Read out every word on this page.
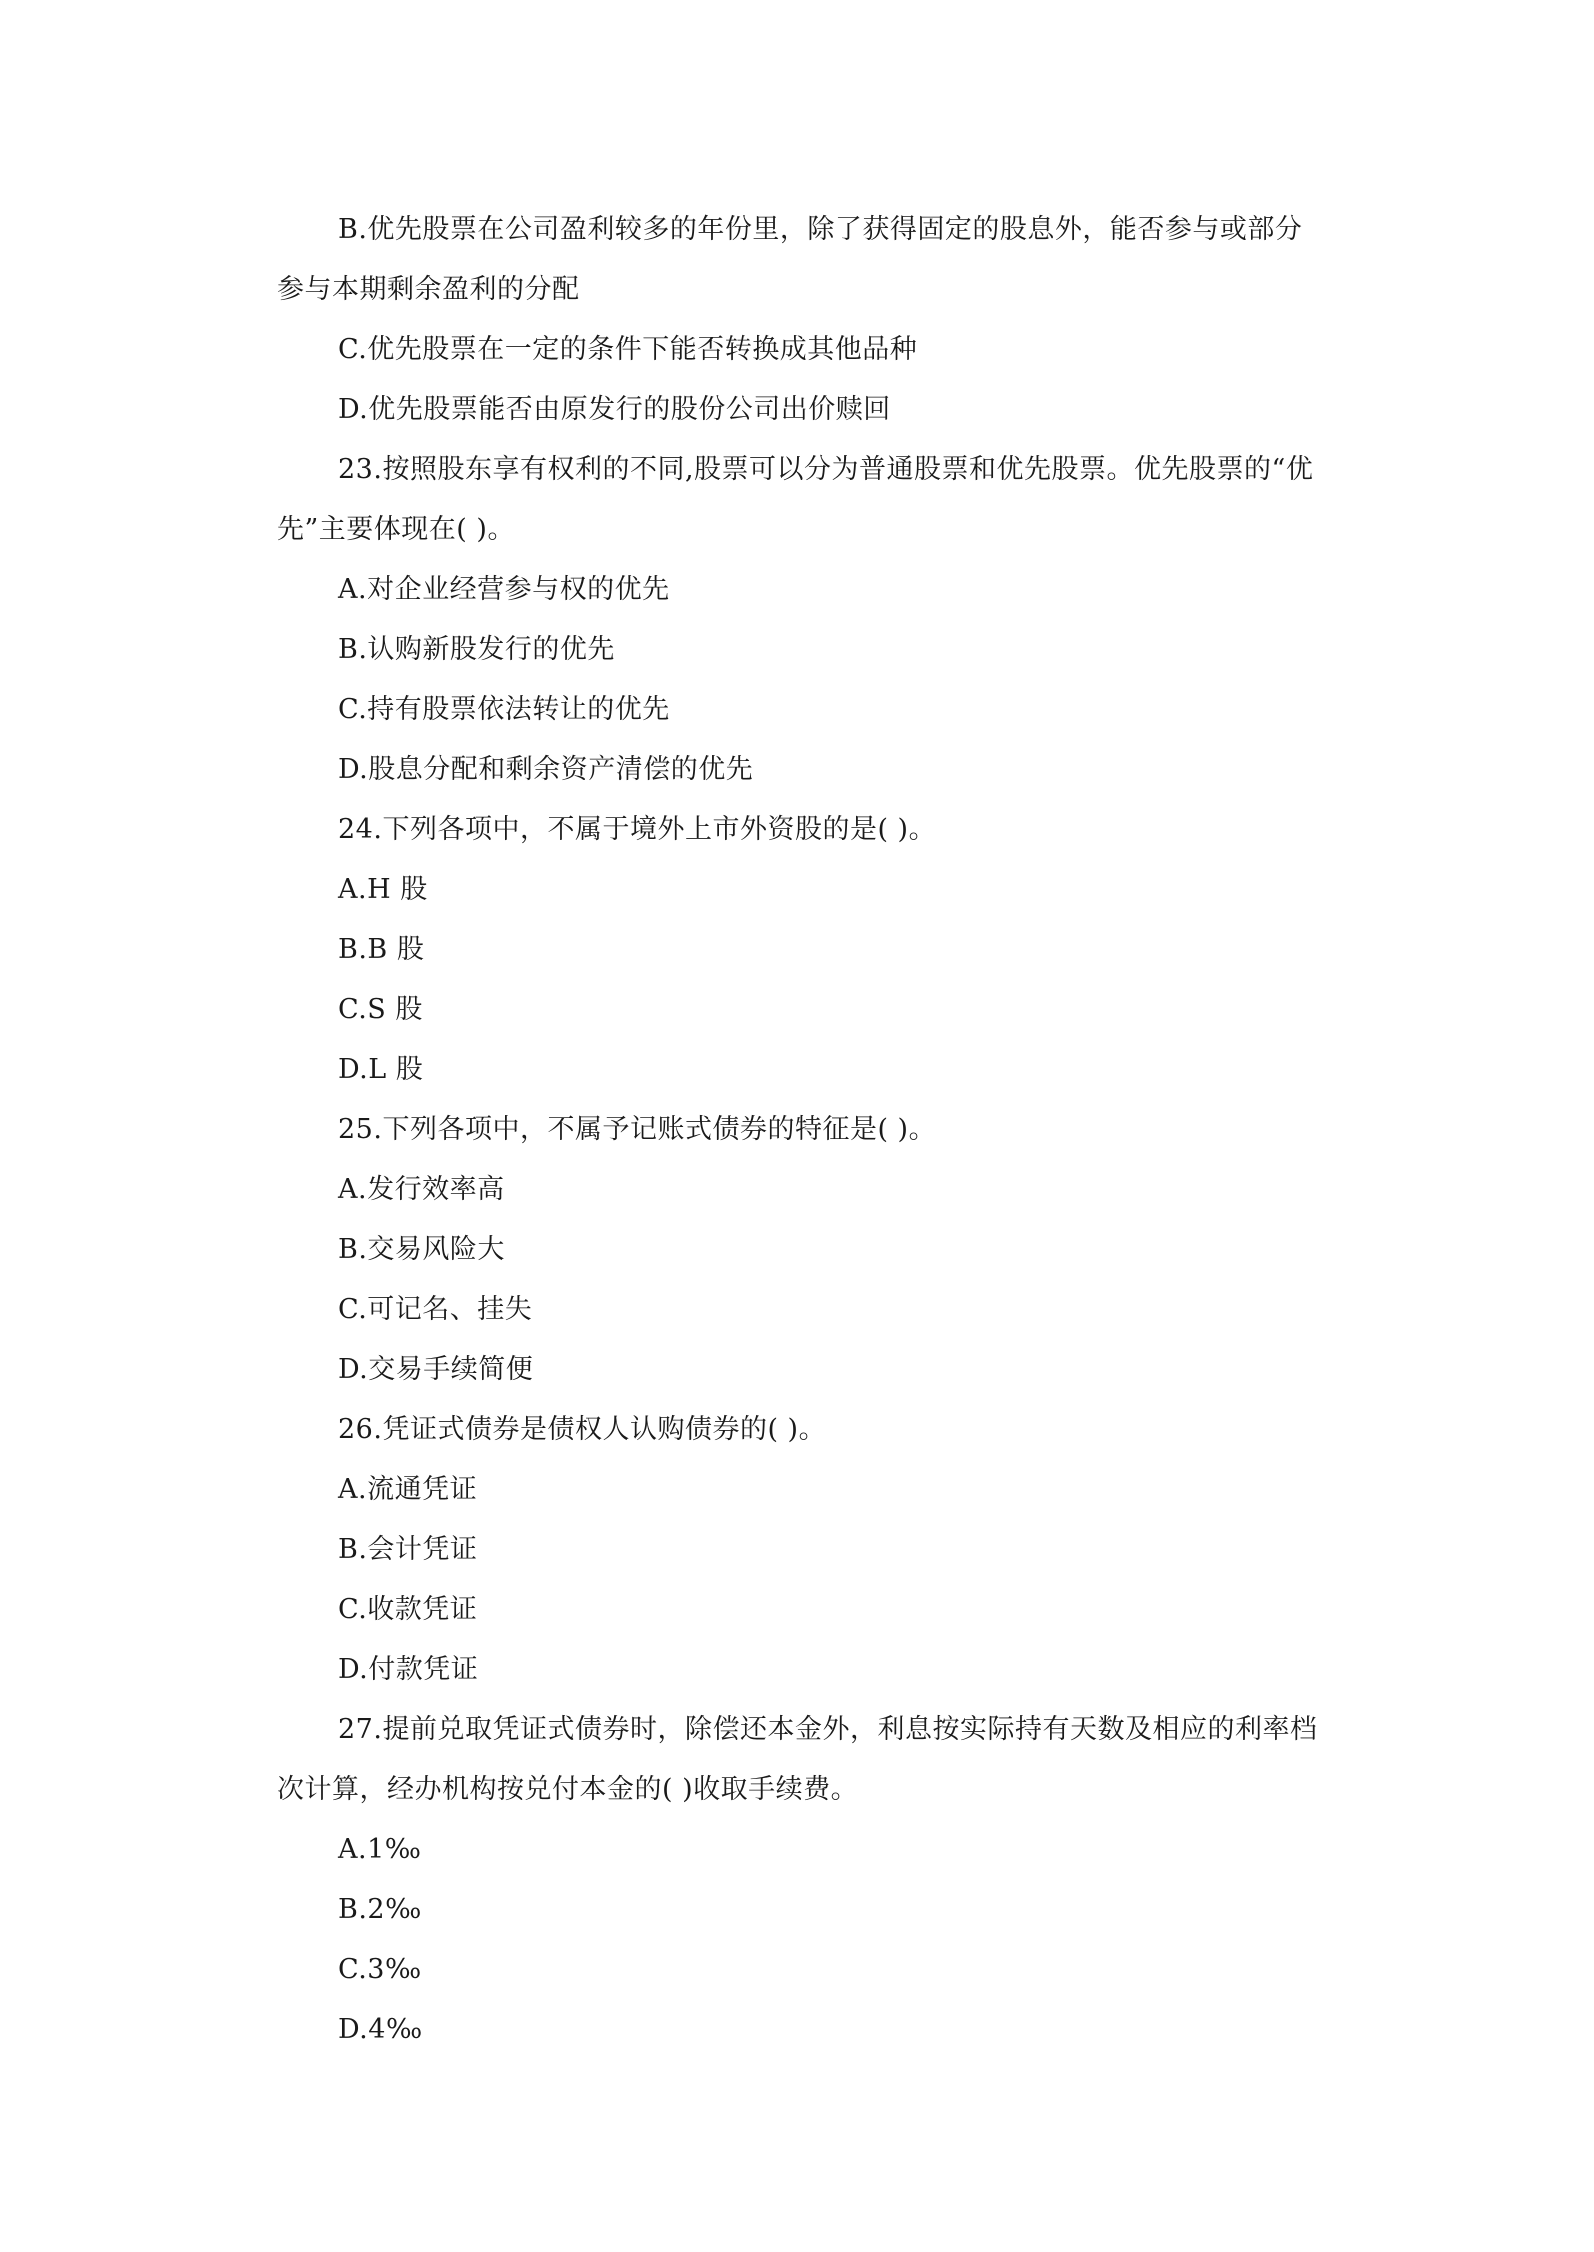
B.优先股票在公司盈利较多的年份里，除了获得固定的股息外，能否参与或部分
参与本期剩余盈利的分配
C.优先股票在一定的条件下能否转换成其他品种
D.优先股票能否由原发行的股份公司出价赎回
23.按照股东享有权利的不同,股票可以分为普通股票和优先股票。优先股票的“优
先”主要体现在( )。
A.对企业经营参与权的优先
B.认购新股发行的优先
C.持有股票依法转让的优先
D.股息分配和剩余资产清偿的优先
24.下列各项中，不属于境外上市外资股的是( )。
A.H 股
B.B 股
C.S 股
D.L 股
25.下列各项中，不属予记账式债券的特征是( )。
A.发行效率高
B.交易风险大
C.可记名、挂失
D.交易手续简便
26.凭证式债券是债权人认购债券的( )。
A.流通凭证
B.会计凭证
C.收款凭证
D.付款凭证
27.提前兑取凭证式债券时，除偿还本金外，利息按实际持有天数及相应的利率档
次计算，经办机构按兑付本金的( )收取手续费。
A.1‰
B.2‰
C.3‰
D.4‰
